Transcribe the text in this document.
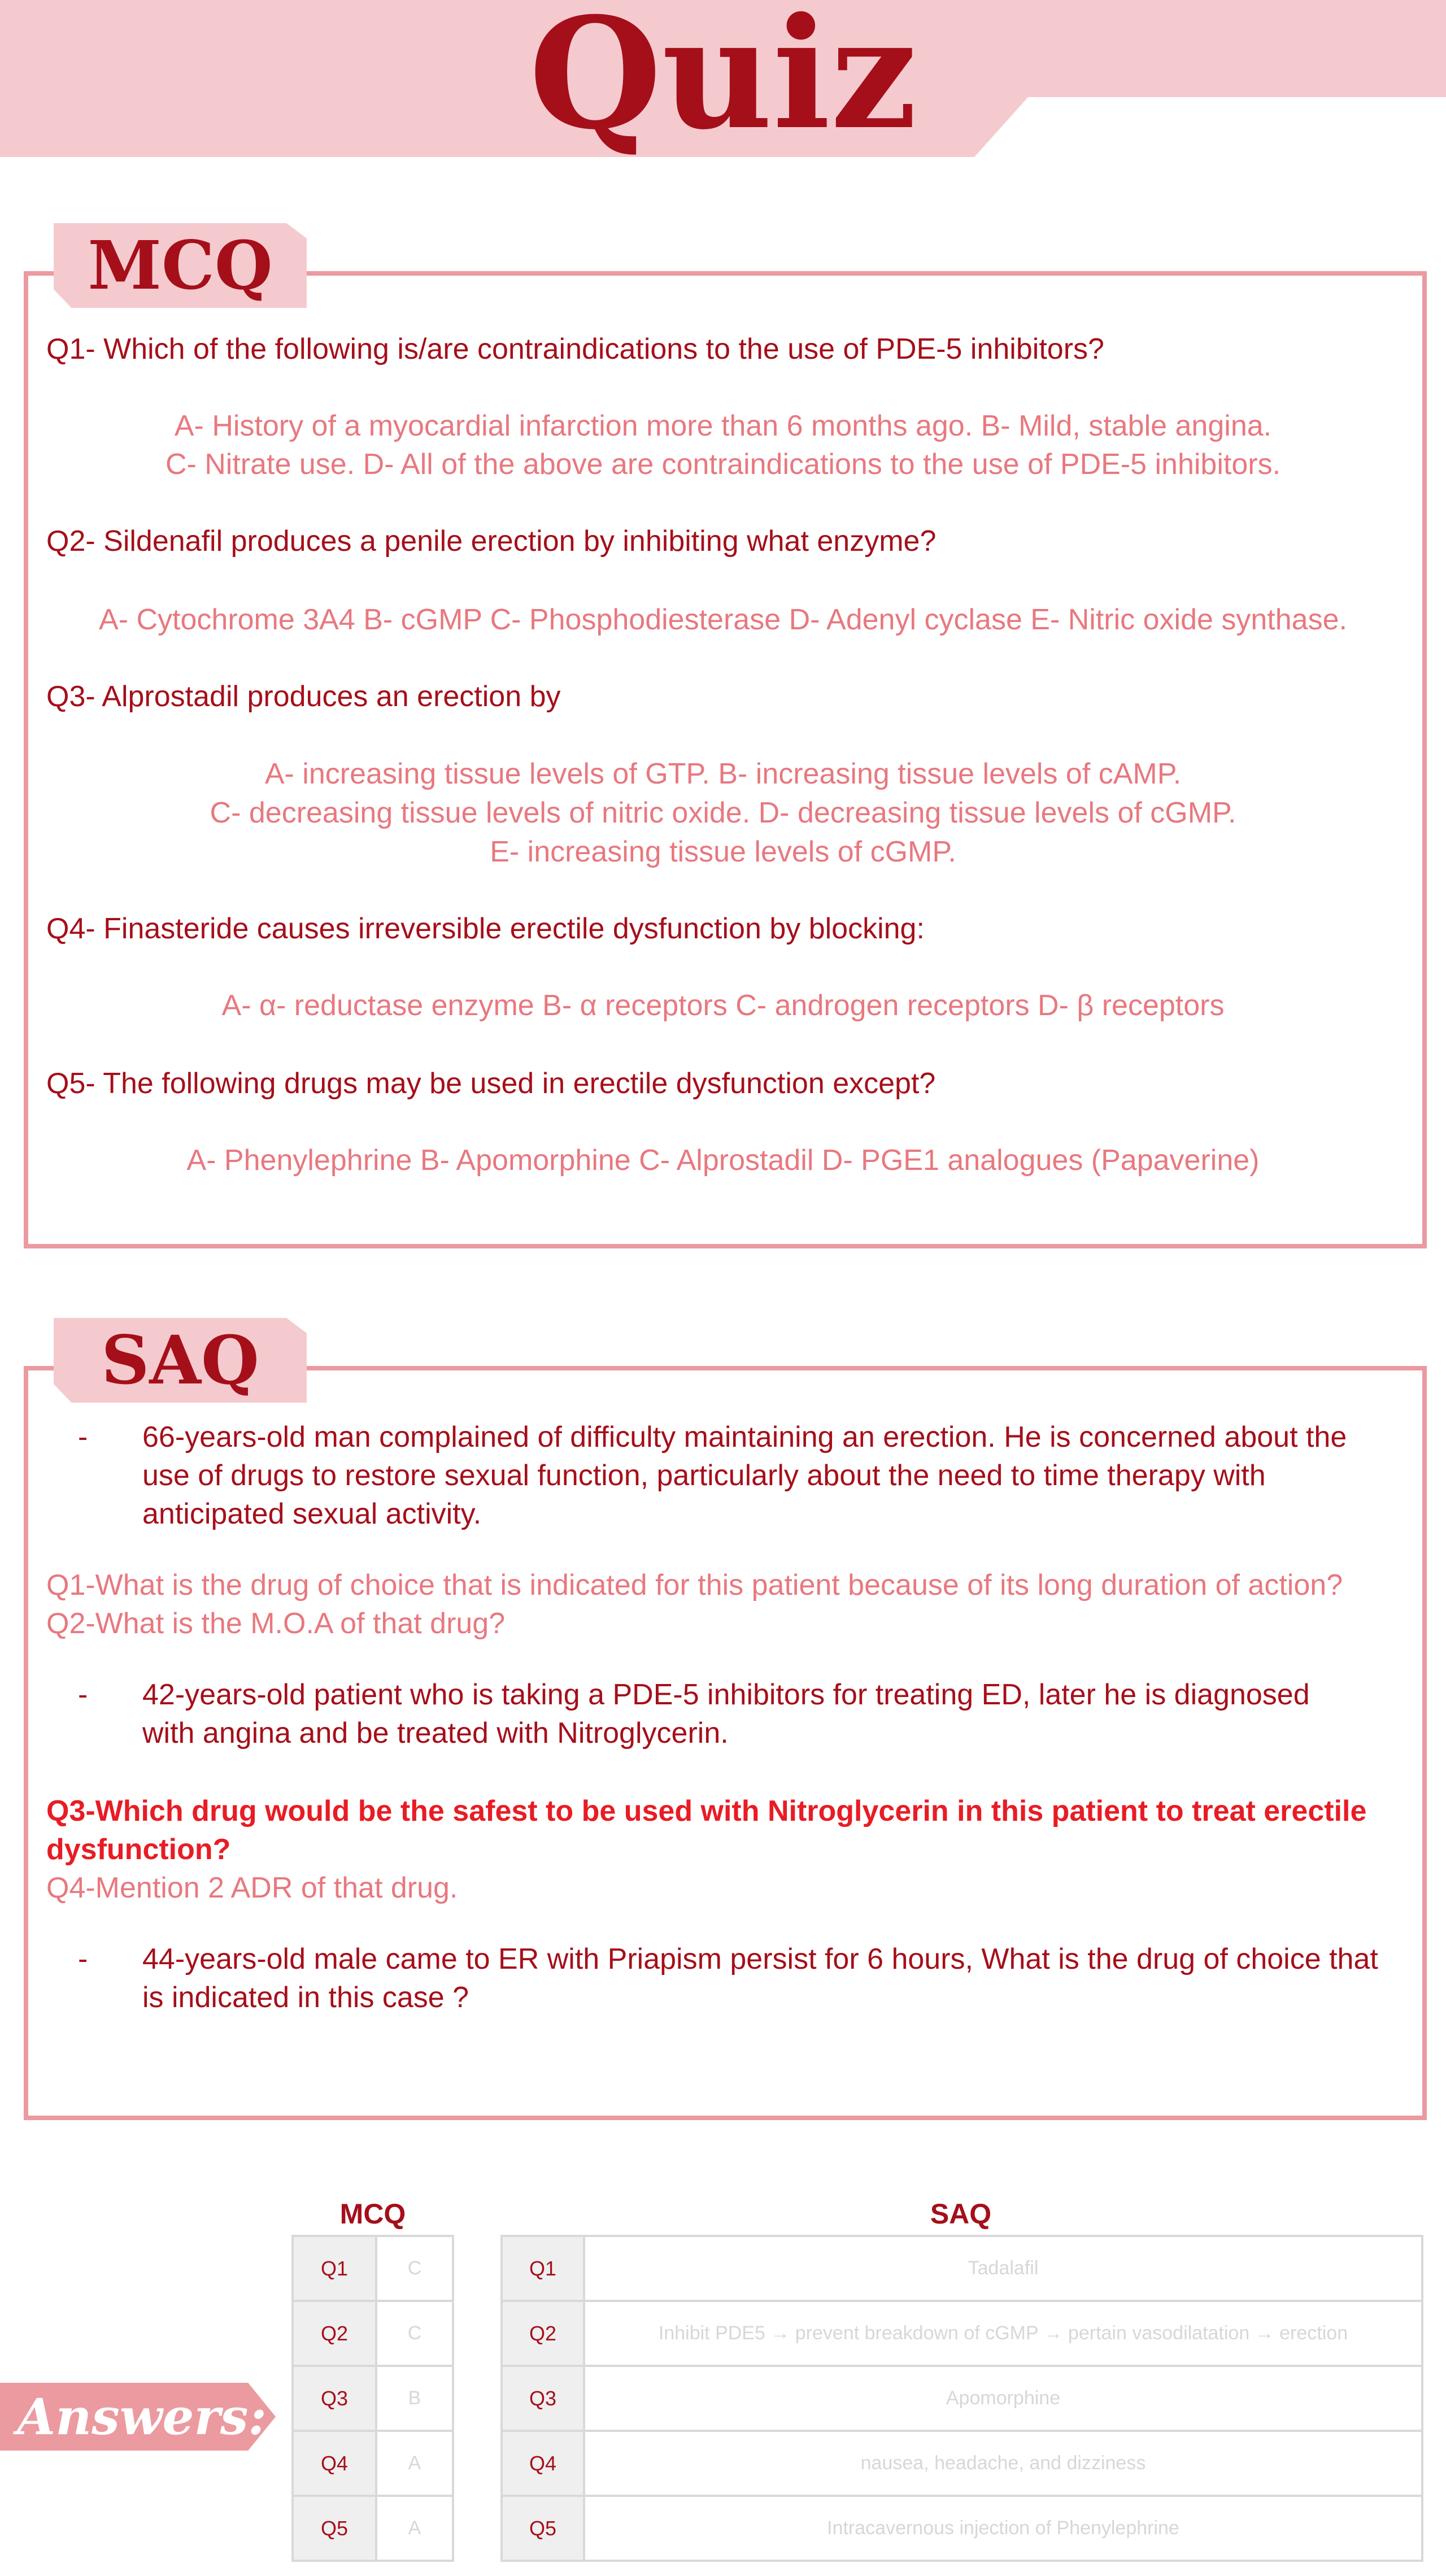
Quiz
MCQ
Q1- Which of the following is/are contraindications to the use of PDE-5 inhibitors?
A- History of a myocardial infarction more than 6 months ago. B- Mild, stable angina.
C- Nitrate use. D- All of the above are contraindications to the use of PDE-5 inhibitors.
Q2- Sildenafil produces a penile erection by inhibiting what enzyme?
A- Cytochrome 3A4 B- cGMP C- Phosphodiesterase D- Adenyl cyclase E- Nitric oxide synthase.
Q3- Alprostadil produces an erection by
A- increasing tissue levels of GTP. B- increasing tissue levels of cAMP.
C- decreasing tissue levels of nitric oxide. D- decreasing tissue levels of cGMP.
E- increasing tissue levels of cGMP.
Q4- Finasteride causes irreversible erectile dysfunction by blocking:
A- α- reductase enzyme B- α receptors C- androgen receptors D- β receptors
Q5- The following drugs may be used in erectile dysfunction except?
A- Phenylephrine B- Apomorphine C- Alprostadil D- PGE1 analogues (Papaverine)
SAQ
- 66-years-old man complained of difficulty maintaining an erection. He is concerned about the
use of drugs to restore sexual function, particularly about the need to time therapy with
anticipated sexual activity.
Q1-What is the drug of choice that is indicated for this patient because of its long duration of action?
Q2-What is the M.O.A of that drug?
- 42-years-old patient who is taking a PDE-5 inhibitors for treating ED, later he is diagnosed
with angina and be treated with Nitroglycerin.
Q3-Which drug would be the safest to be used with Nitroglycerin in this patient to treat erectile
dysfunction?
Q4-Mention 2 ADR of that drug.
- 44-years-old male came to ER with Priapism persist for 6 hours, What is the drug of choice that
is indicated in this case ?
Answers:
MCQ	SAQ
Q1	C
Q2	C
Q3	B
Q4	A
Q5	A
Q1	Tadalafil
Q2	Inhibit PDE5 → prevent breakdown of cGMP → pertain vasodilatation → erection
Q3	Apomorphine
Q4	nausea, headache, and dizziness
Q5	Intracavernous injection of Phenylephrine
